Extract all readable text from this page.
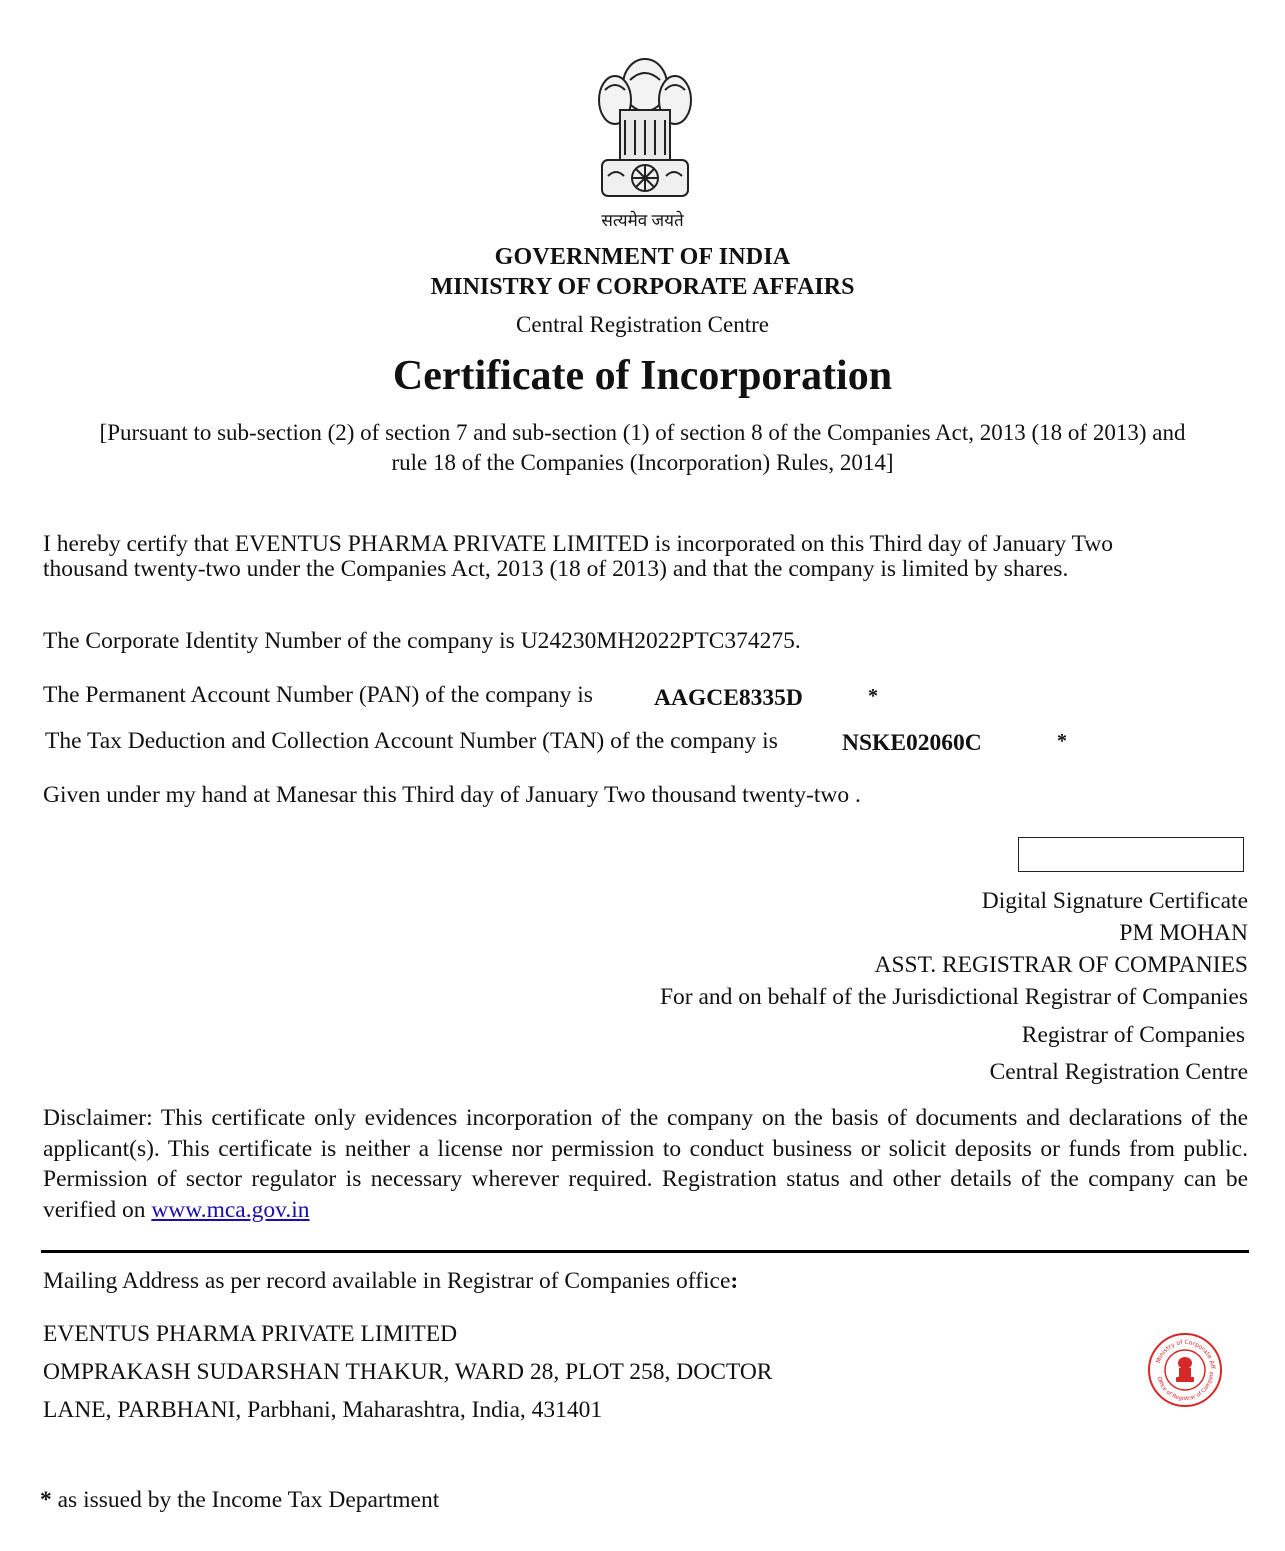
सत्यमेव जयते
GOVERNMENT OF INDIA
MINISTRY OF CORPORATE AFFAIRS
Central Registration Centre
Certificate of Incorporation
[Pursuant to sub-section (2) of section 7 and sub-section (1) of section 8 of the Companies Act, 2013 (18 of 2013) and
rule 18 of the Companies (Incorporation) Rules, 2014]
I hereby certify that EVENTUS PHARMA PRIVATE LIMITED is incorporated on this Third day of January Two
thousand twenty-two under the Companies Act, 2013 (18 of 2013) and that the company is limited by shares.
The Corporate Identity Number of the company is U24230MH2022PTC374275.
The Permanent Account Number (PAN) of the company is	AAGCE8335D	*
The Tax Deduction and Collection Account Number (TAN) of the company is	NSKE02060C	*
Given under my hand at Manesar this Third day of January Two thousand twenty-two .
Digital Signature Certificate
PM MOHAN
ASST. REGISTRAR OF COMPANIES
For and on behalf of the Jurisdictional Registrar of Companies
Registrar of Companies
Central Registration Centre
Disclaimer: This certificate only evidences incorporation of the company on the basis of documents and declarations of the applicant(s). This certificate is neither a license nor permission to conduct business or solicit deposits or funds from public. Permission of sector regulator is necessary wherever required. Registration status and other details of the company can be verified on www.mca.gov.in
Mailing Address as per record available in Registrar of Companies office:
EVENTUS PHARMA PRIVATE LIMITED
OMPRAKASH SUDARSHAN THAKUR, WARD 28, PLOT 258, DOCTOR
LANE, PARBHANI, Parbhani, Maharashtra, India, 431401
Ministry of Corporate Aff
Office of Registrar of Compani
* as issued by the Income Tax Department
